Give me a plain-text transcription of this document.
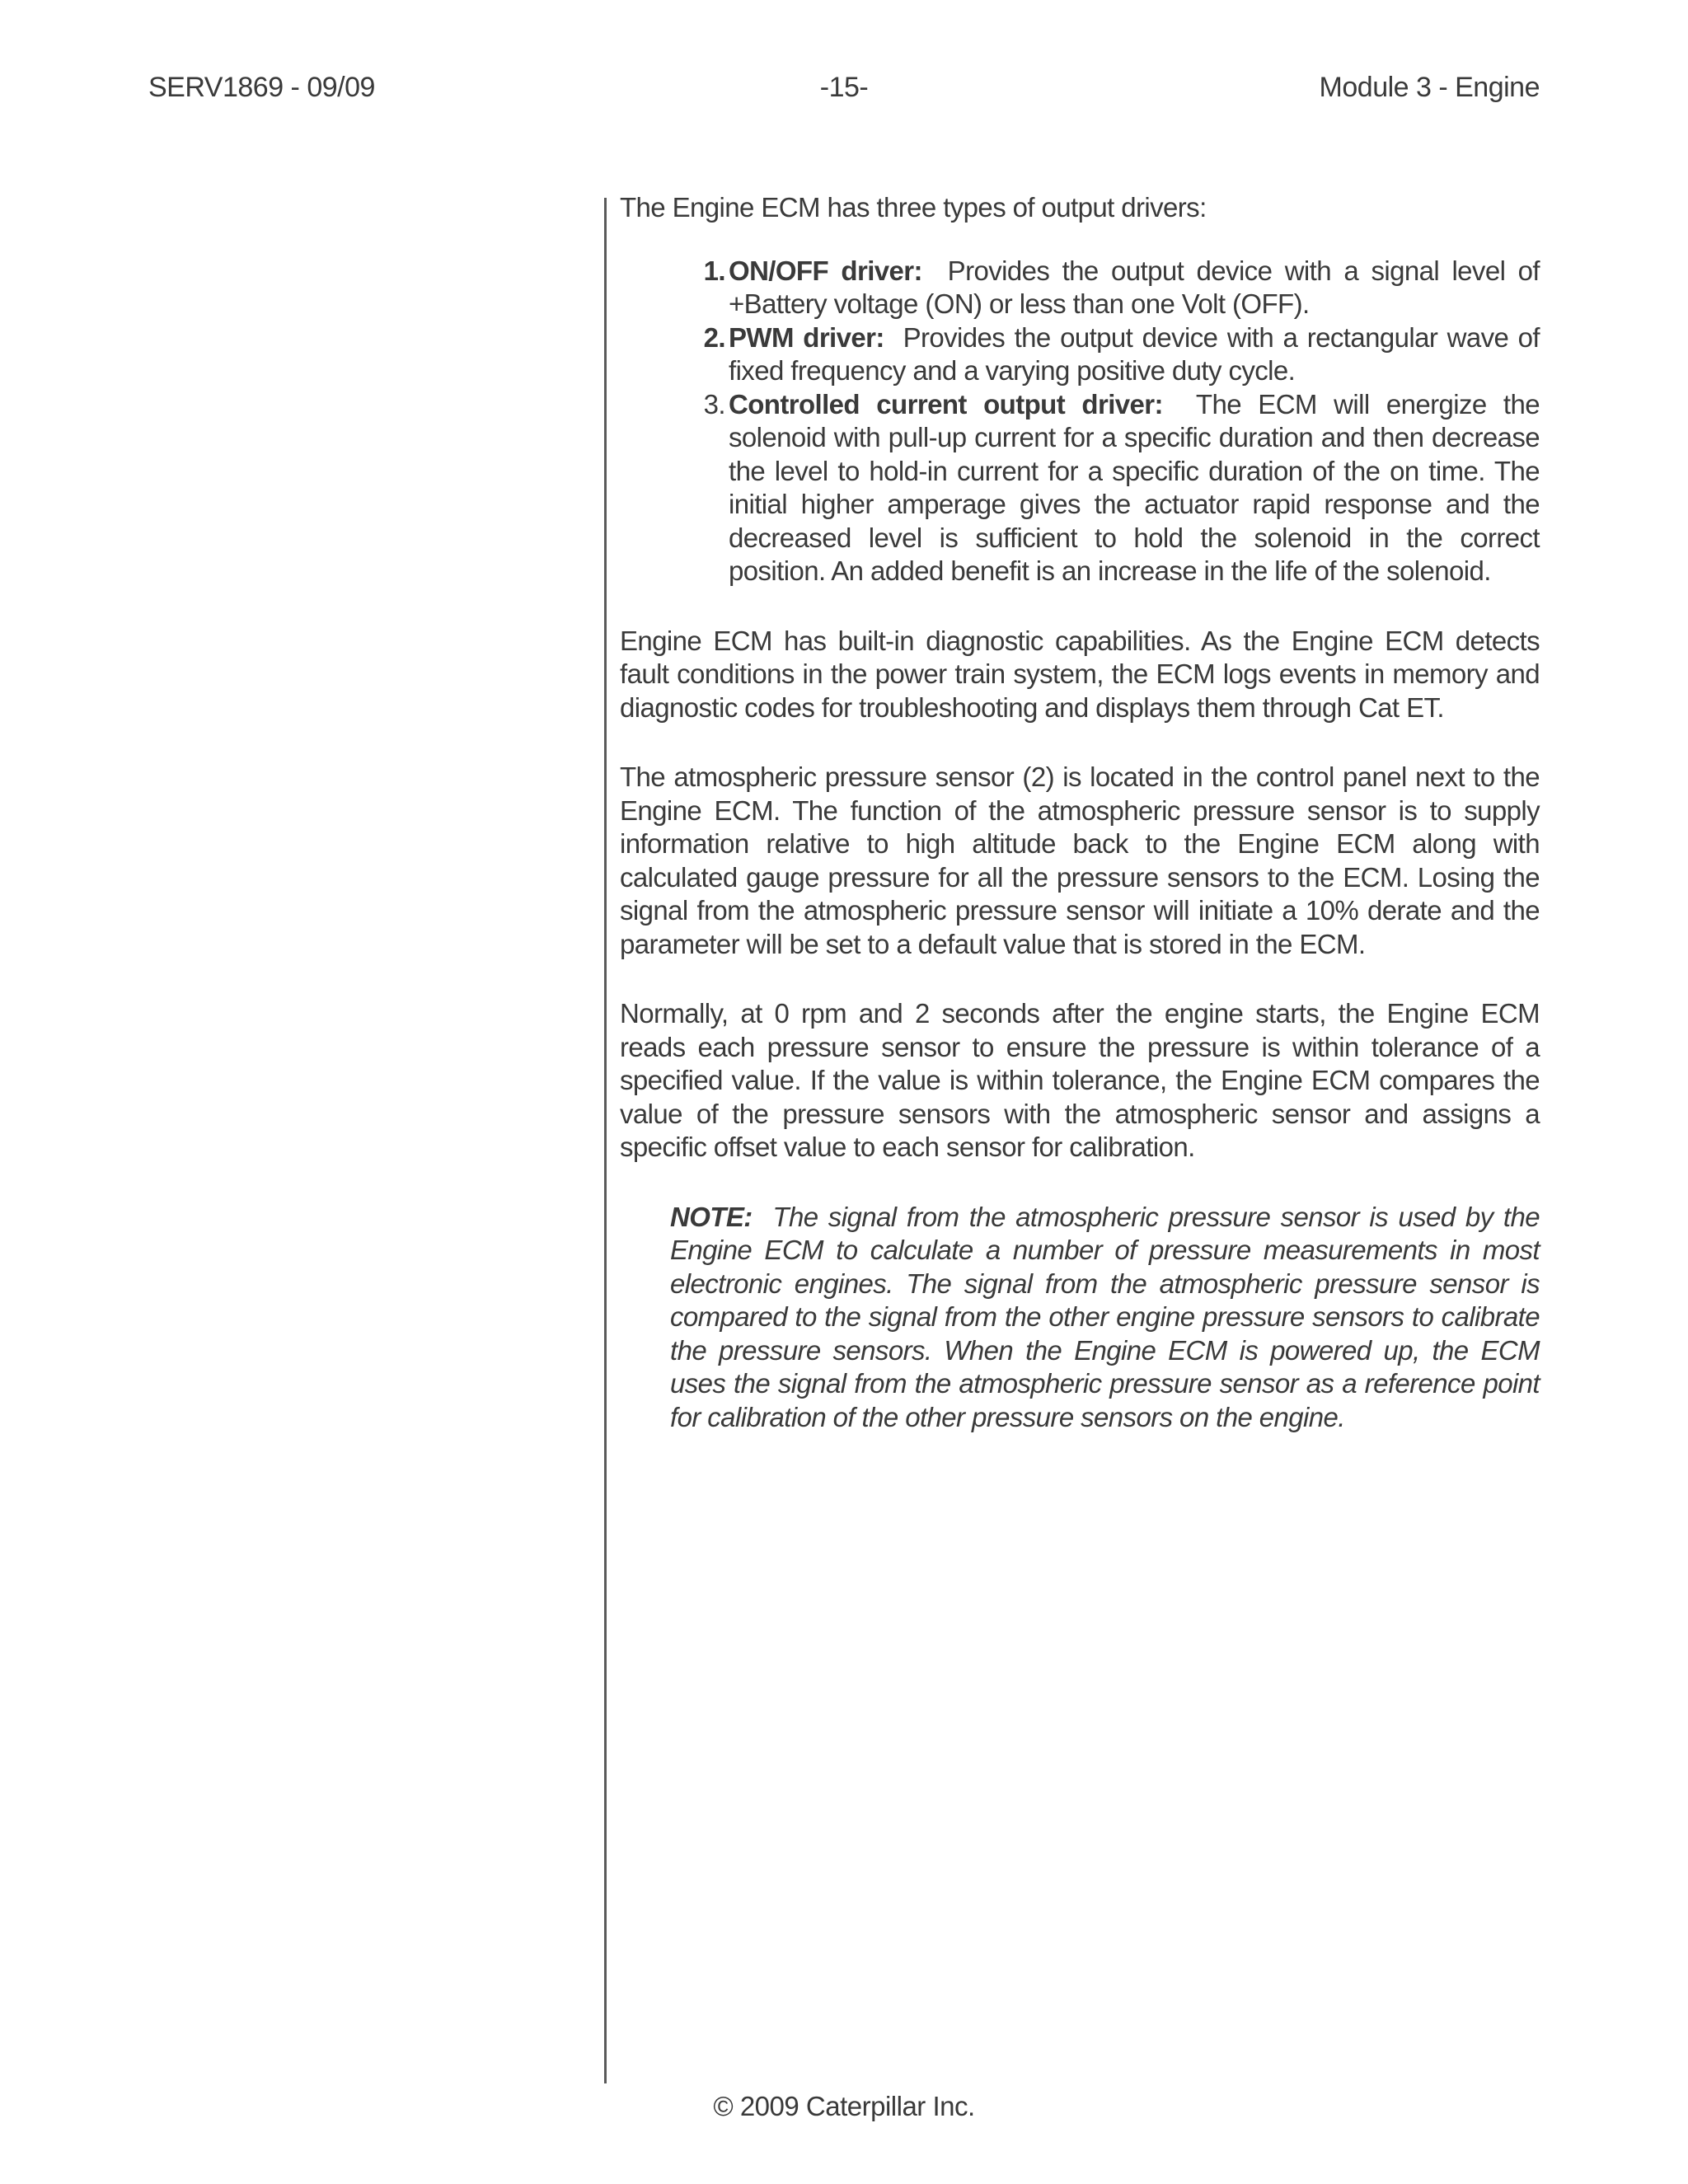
SERV1869 - 09/09	-15-	Module 3 - Engine

The Engine ECM has three types of output drivers:

1. ON/OFF driver: Provides the output device with a signal level of +Battery voltage (ON) or less than one Volt (OFF).
2. PWM driver: Provides the output device with a rectangular wave of fixed frequency and a varying positive duty cycle.
3. Controlled current output driver: The ECM will energize the solenoid with pull-up current for a specific duration and then decrease the level to hold-in current for a specific duration of the on time. The initial higher amperage gives the actuator rapid response and the decreased level is sufficient to hold the solenoid in the correct position. An added benefit is an increase in the life of the solenoid.

Engine ECM has built-in diagnostic capabilities. As the Engine ECM detects fault conditions in the power train system, the ECM logs events in memory and diagnostic codes for troubleshooting and displays them through Cat ET.

The atmospheric pressure sensor (2) is located in the control panel next to the Engine ECM. The function of the atmospheric pressure sensor is to supply information relative to high altitude back to the Engine ECM along with calculated gauge pressure for all the pressure sensors to the ECM. Losing the signal from the atmospheric pressure sensor will initiate a 10% derate and the parameter will be set to a default value that is stored in the ECM.

Normally, at 0 rpm and 2 seconds after the engine starts, the Engine ECM reads each pressure sensor to ensure the pressure is within tolerance of a specified value. If the value is within tolerance, the Engine ECM compares the value of the pressure sensors with the atmospheric sensor and assigns a specific offset value to each sensor for calibration.

NOTE: The signal from the atmospheric pressure sensor is used by the Engine ECM to calculate a number of pressure measurements in most electronic engines. The signal from the atmospheric pressure sensor is compared to the signal from the other engine pressure sensors to calibrate the pressure sensors. When the Engine ECM is powered up, the ECM uses the signal from the atmospheric pressure sensor as a reference point for calibration of the other pressure sensors on the engine.

© 2009 Caterpillar Inc.
